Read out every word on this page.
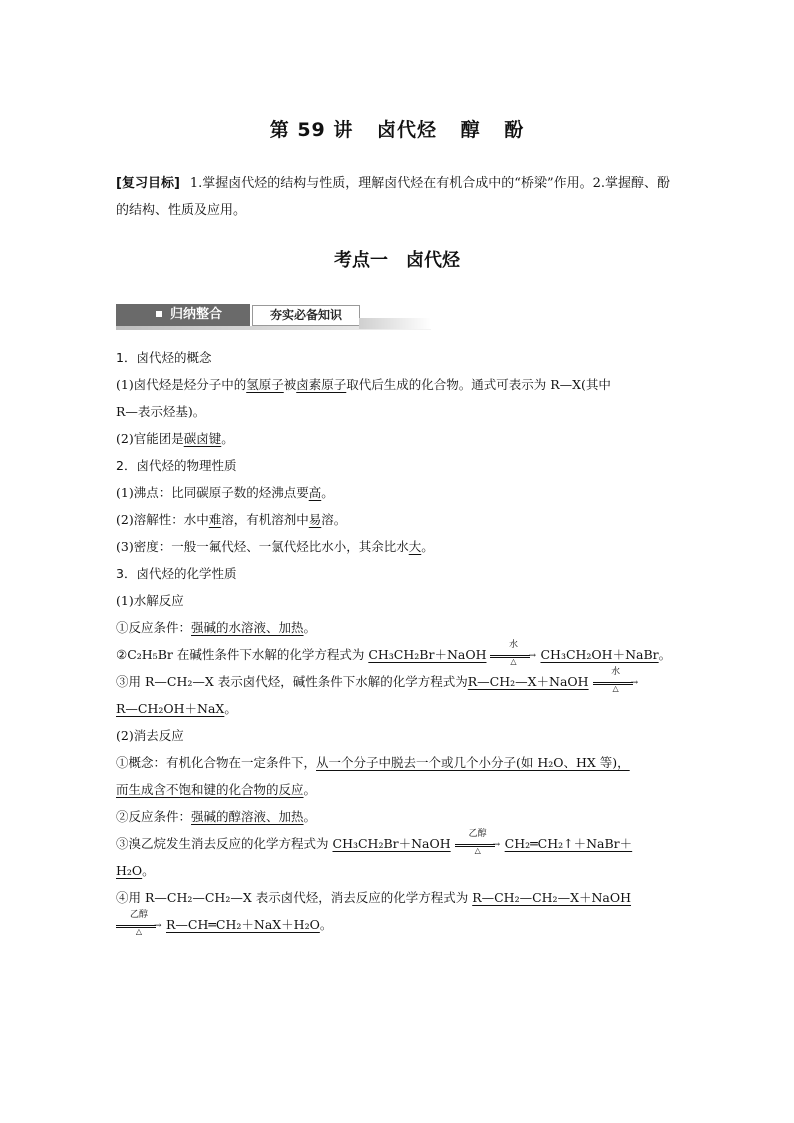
第 59 讲 卤代烃 醇 酚
[复习目标] 1.掌握卤代烃的结构与性质，理解卤代烃在有机合成中的“桥梁”作用。2.掌握醇、酚的结构、性质及应用。
考点一 卤代烃
归纳整合	夯实必备知识
1．卤代烃的概念
(1)卤代烃是烃分子中的氢原子被卤素原子取代后生成的化合物。通式可表示为 R—X(其中
R—表示烃基)。
(2)官能团是碳卤键。
2．卤代烃的物理性质
(1)沸点：比同碳原子数的烃沸点要高。
(2)溶解性：水中难溶，有机溶剂中易溶。
(3)密度：一般一氟代烃、一氯代烃比水小，其余比水大。
3．卤代烃的化学性质
(1)水解反应
①反应条件：强碱的水溶液、加热。
②C₂H₅Br 在碱性条件下水解的化学方程式为 CH₃CH₂Br＋NaOH
水
→
△	CH₃CH₂OH＋NaBr。
③用 R—CH₂—X 表示卤代烃，碱性条件下水解的化学方程式为R—CH₂—X＋NaOH
水
→
△
R—CH₂OH＋NaX。
(2)消去反应
①概念：有机化合物在一定条件下，从一个分子中脱去一个或几个小分子(如 H₂O、HX 等)，
而生成含不饱和键的化合物的反应。
②反应条件：强碱的醇溶液、加热。
③溴乙烷发生消去反应的化学方程式为 CH₃CH₂Br＋NaOH
乙醇
→
△	CH₂═CH₂↑＋NaBr＋
H₂O。
④用 R—CH₂—CH₂—X 表示卤代烃，消去反应的化学方程式为 R—CH₂—CH₂—X＋NaOH
乙醇
→
△	R—CH═CH₂＋NaX＋H₂O。
